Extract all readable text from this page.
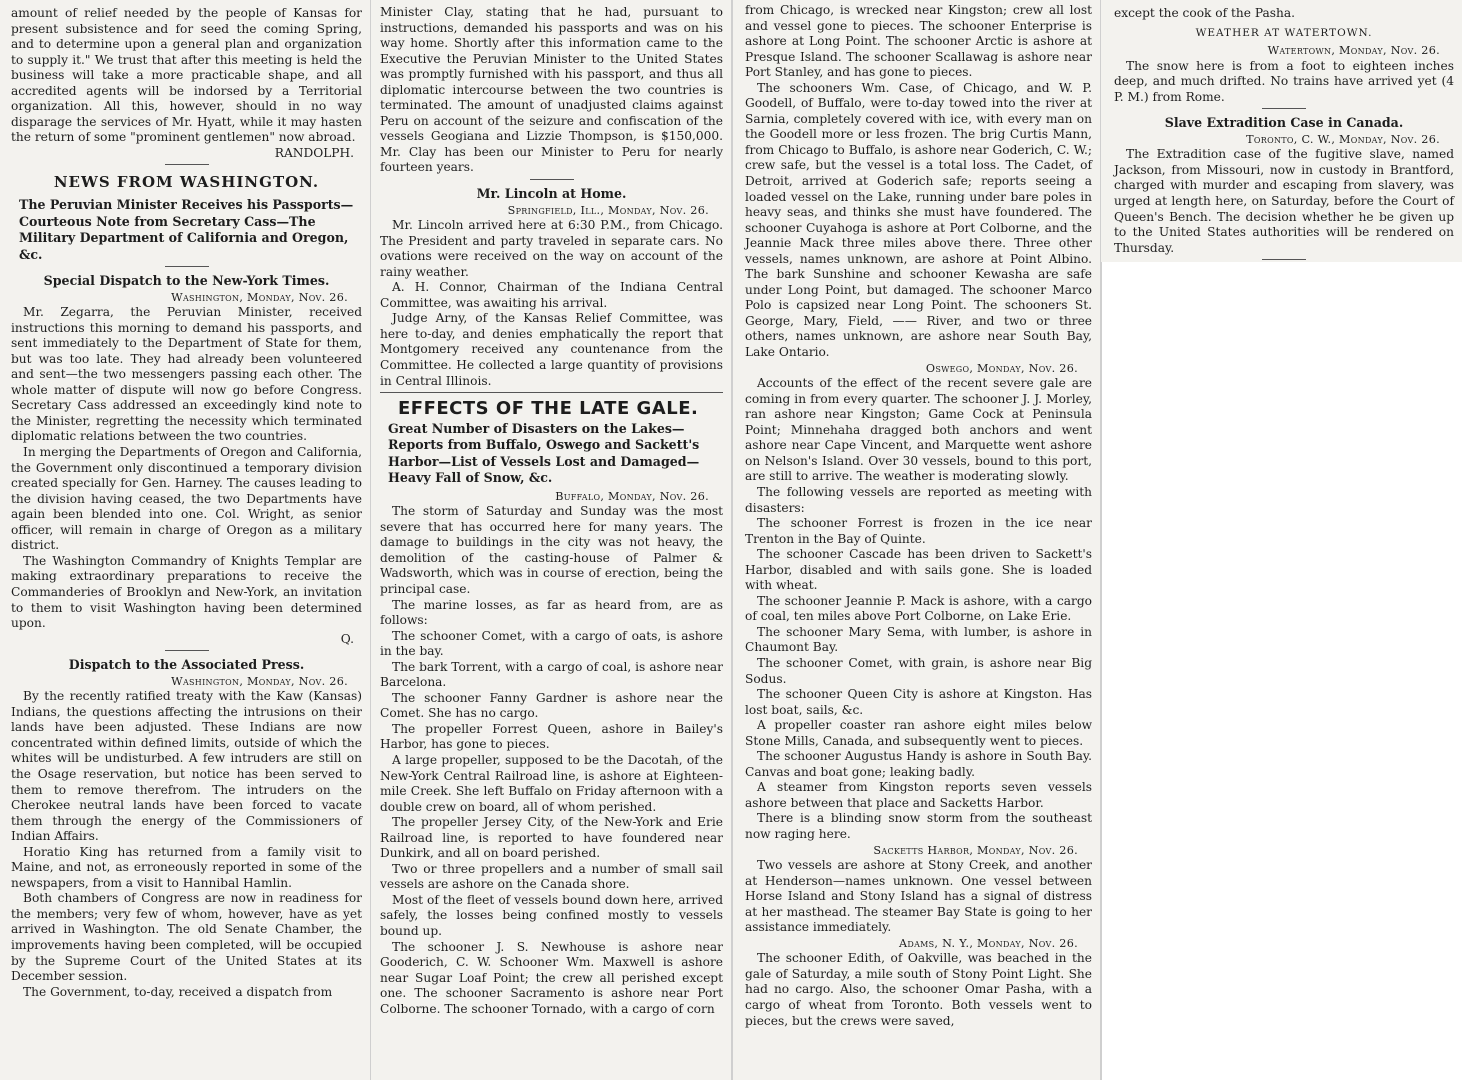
amount of relief needed by the people of Kansas for present subsistence and for seed the coming Spring, and to determine upon a general plan and organization to supply it." We trust that after this meeting is held the business will take a more practicable shape, and all accredited agents will be indorsed by a Territorial organization. All this, however, should in no way disparage the services of Mr. Hyatt, while it may hasten the return of some "prominent gentlemen" now abroad.

RANDOLPH.

NEWS FROM WASHINGTON.
The Peruvian Minister Receives his Passports—Courteous Note from Secretary Cass—The Military Department of California and Oregon, &c.
Special Dispatch to the New-York Times.

Washington, Monday, Nov. 26.

Mr. Zegarra, the Peruvian Minister, received instructions this morning to demand his passports, and sent immediately to the Department of State for them, but was too late. They had already been volunteered and sent—the two messengers passing each other. The whole matter of dispute will now go before Congress. Secretary Cass addressed an exceedingly kind note to the Minister, regretting the necessity which terminated diplomatic relations between the two countries.

In merging the Departments of Oregon and California, the Government only discontinued a temporary division created specially for Gen. Harney. The causes leading to the division having ceased, the two Departments have again been blended into one. Col. Wright, as senior officer, will remain in charge of Oregon as a military district.

The Washington Commandry of Knights Templar are making extraordinary preparations to receive the Commanderies of Brooklyn and New-York, an invitation to them to visit Washington having been determined upon.

Q.

Dispatch to the Associated Press.

Washington, Monday, Nov. 26.

By the recently ratified treaty with the Kaw (Kansas) Indians, the questions affecting the intrusions on their lands have been adjusted. These Indians are now concentrated within defined limits, outside of which the whites will be undisturbed. A few intruders are still on the Osage reservation, but notice has been served to them to remove therefrom. The intruders on the Cherokee neutral lands have been forced to vacate them through the energy of the Commissioners of Indian Affairs.

Horatio King has returned from a family visit to Maine, and not, as erroneously reported in some of the newspapers, from a visit to Hannibal Hamlin.

Both chambers of Congress are now in readiness for the members; very few of whom, however, have as yet arrived in Washington. The old Senate Chamber, the improvements having been completed, will be occupied by the Supreme Court of the United States at its December session.

The Government, to-day, received a dispatch from

Minister Clay, stating that he had, pursuant to instructions, demanded his passports and was on his way home. Shortly after this information came to the Executive the Peruvian Minister to the United States was promptly furnished with his passport, and thus all diplomatic intercourse between the two countries is terminated. The amount of unadjusted claims against Peru on account of the seizure and confiscation of the vessels Geogiana and Lizzie Thompson, is $150,000. Mr. Clay has been our Minister to Peru for nearly fourteen years.

Mr. Lincoln at Home.

Springfield, Ill., Monday, Nov. 26.

Mr. Lincoln arrived here at 6:30 P.M., from Chicago. The President and party traveled in separate cars. No ovations were received on the way on account of the rainy weather.

A. H. Connor, Chairman of the Indiana Central Committee, was awaiting his arrival.

Judge Arny, of the Kansas Relief Committee, was here to-day, and denies emphatically the report that Montgomery received any countenance from the Committee. He collected a large quantity of provisions in Central Illinois.

EFFECTS OF THE LATE GALE.
Great Number of Disasters on the Lakes—Reports from Buffalo, Oswego and Sackett's Harbor—List of Vessels Lost and Damaged—Heavy Fall of Snow, &c.

Buffalo, Monday, Nov. 26.

The storm of Saturday and Sunday was the most severe that has occurred here for many years. The damage to buildings in the city was not heavy, the demolition of the casting-house of Palmer & Wadsworth, which was in course of erection, being the principal case.

The marine losses, as far as heard from, are as follows:

The schooner Comet, with a cargo of oats, is ashore in the bay.

The bark Torrent, with a cargo of coal, is ashore near Barcelona.

The schooner Fanny Gardner is ashore near the Comet. She has no cargo.

The propeller Forrest Queen, ashore in Bailey's Harbor, has gone to pieces.

A large propeller, supposed to be the Dacotah, of the New-York Central Railroad line, is ashore at Eighteen-mile Creek. She left Buffalo on Friday afternoon with a double crew on board, all of whom perished.

The propeller Jersey City, of the New-York and Erie Railroad line, is reported to have foundered near Dunkirk, and all on board perished.

Two or three propellers and a number of small sail vessels are ashore on the Canada shore.

Most of the fleet of vessels bound down here, arrived safely, the losses being confined mostly to vessels bound up.

The schooner J. S. Newhouse is ashore near Gooderich, C. W. Schooner Wm. Maxwell is ashore near Sugar Loaf Point; the crew all perished except one. The schooner Sacramento is ashore near Port Colborne. The schooner Tornado, with a cargo of corn

from Chicago, is wrecked near Kingston; crew all lost and vessel gone to pieces. The schooner Enterprise is ashore at Long Point. The schooner Arctic is ashore at Presque Island. The schooner Scallawag is ashore near Port Stanley, and has gone to pieces.

The schooners Wm. Case, of Chicago, and W. P. Goodell, of Buffalo, were to-day towed into the river at Sarnia, completely covered with ice, with every man on the Goodell more or less frozen. The brig Curtis Mann, from Chicago to Buffalo, is ashore near Goderich, C. W.; crew safe, but the vessel is a total loss. The Cadet, of Detroit, arrived at Goderich safe; reports seeing a loaded vessel on the Lake, running under bare poles in heavy seas, and thinks she must have foundered. The schooner Cuyahoga is ashore at Port Colborne, and the Jeannie Mack three miles above there. Three other vessels, names unknown, are ashore at Point Albino. The bark Sunshine and schooner Kewasha are safe under Long Point, but damaged. The schooner Marco Polo is capsized near Long Point. The schooners St. George, Mary, Field, —— River, and two or three others, names unknown, are ashore near South Bay, Lake Ontario.

Oswego, Monday, Nov. 26.

Accounts of the effect of the recent severe gale are coming in from every quarter. The schooner J. J. Morley, ran ashore near Kingston; Game Cock at Peninsula Point; Minnehaha dragged both anchors and went ashore near Cape Vincent, and Marquette went ashore on Nelson's Island. Over 30 vessels, bound to this port, are still to arrive. The weather is moderating slowly.

The following vessels are reported as meeting with disasters:

The schooner Forrest is frozen in the ice near Trenton in the Bay of Quinte.

The schooner Cascade has been driven to Sackett's Harbor, disabled and with sails gone. She is loaded with wheat.

The schooner Jeannie P. Mack is ashore, with a cargo of coal, ten miles above Port Colborne, on Lake Erie.

The schooner Mary Sema, with lumber, is ashore in Chaumont Bay.

The schooner Comet, with grain, is ashore near Big Sodus.

The schooner Queen City is ashore at Kingston. Has lost boat, sails, &c.

A propeller coaster ran ashore eight miles below Stone Mills, Canada, and subsequently went to pieces.

The schooner Augustus Handy is ashore in South Bay. Canvas and boat gone; leaking badly.

A steamer from Kingston reports seven vessels ashore between that place and Sacketts Harbor.

There is a blinding snow storm from the southeast now raging here.

Sacketts Harbor, Monday, Nov. 26.

Two vessels are ashore at Stony Creek, and another at Henderson—names unknown. One vessel between Horse Island and Stony Island has a signal of distress at her masthead. The steamer Bay State is going to her assistance immediately.

Adams, N. Y., Monday, Nov. 26.

The schooner Edith, of Oakville, was beached in the gale of Saturday, a mile south of Stony Point Light. She had no cargo. Also, the schooner Omar Pasha, with a cargo of wheat from Toronto. Both vessels went to pieces, but the crews were saved,

except the cook of the Pasha.

WEATHER AT WATERTOWN.

Watertown, Monday, Nov. 26.

The snow here is from a foot to eighteen inches deep, and much drifted. No trains have arrived yet (4 P. M.) from Rome.

Slave Extradition Case in Canada.

Toronto, C. W., Monday, Nov. 26.

The Extradition case of the fugitive slave, named Jackson, from Missouri, now in custody in Brantford, charged with murder and escaping from slavery, was urged at length here, on Saturday, before the Court of Queen's Bench. The decision whether he be given up to the United States authorities will be rendered on Thursday.
